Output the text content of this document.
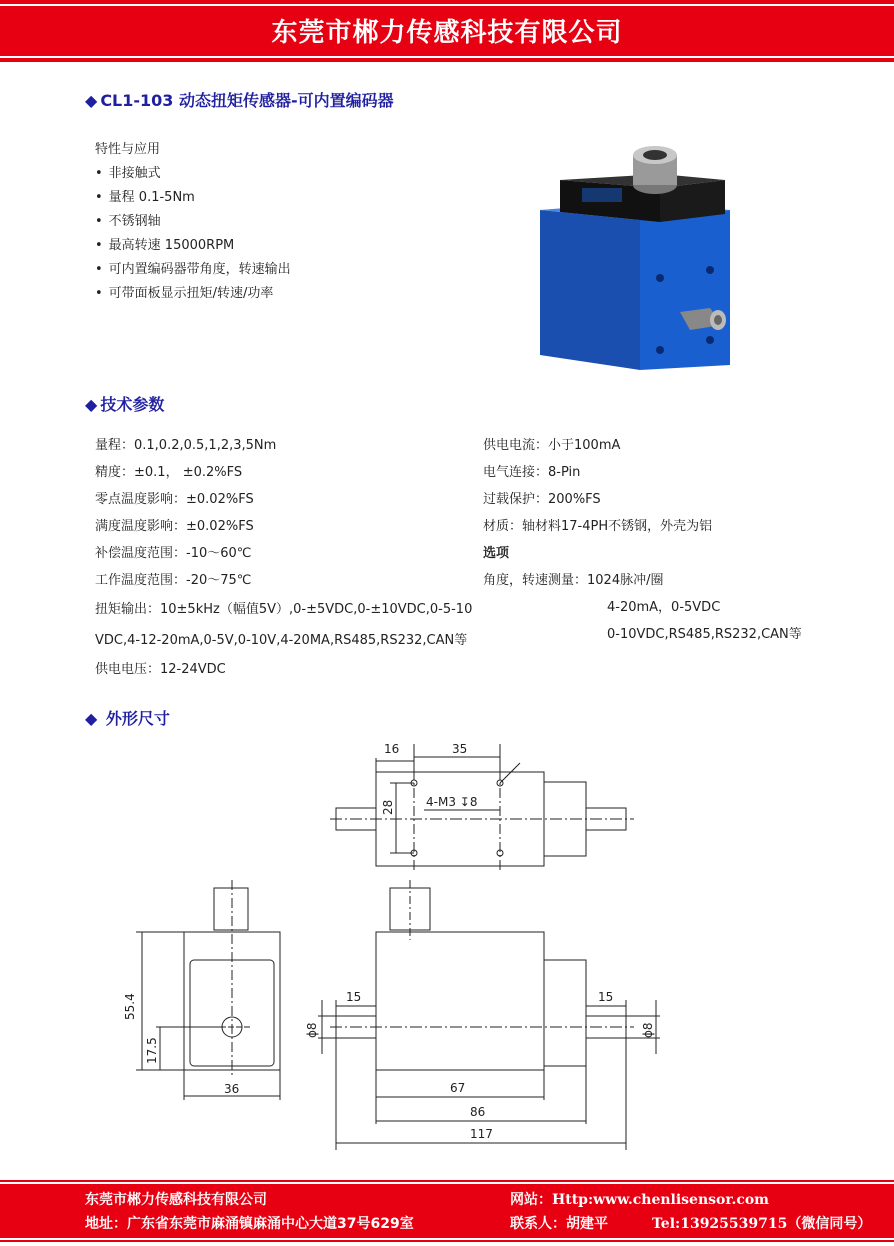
东莞市郴力传感科技有限公司
◆ CL1-103 动态扭矩传感器-可内置编码器
特性与应用
• 非接触式
• 量程 0.1-5Nm
• 不锈钢轴
• 最高转速 15000RPM
• 可内置编码器带角度，转速输出
• 可带面板显示扭矩/转速/功率
◆ 技术参数
量程：0.1,0.2,0.5,1,2,3,5Nm
精度：±0.1， ±0.2%FS
零点温度影响：±0.02%FS
满度温度影响：±0.02%FS
补偿温度范围：-10～60℃
工作温度范围：-20～75℃
扭矩输出：10±5kHz（幅值5V）,0-±5VDC,0-±10VDC,0-5-10VDC,4-12-20mA,0-5V,0-10V,4-20MA,RS485,RS232,CAN等
供电电压：12-24VDC
供电电流：小于100mA
电气连接：8-Pin
过载保护：200%FS
材质：轴材料17-4PH不锈钢，外壳为铝
选项
角度，转速测量：1024脉冲/圈
4-20mA，0-5VDC
0-10VDC,RS485,RS232,CAN等
◆ 外形尺寸
16	35
28	4-M3 ↧8
55.4
17.5
36
15	15
ϕ8	ϕ8
67
86
117
东莞市郴力传感科技有限公司	网站：Http:www.chenlisensor.com
地址：广东省东莞市麻涌镇麻涌中心大道37号629室	联系人：胡建平	Tel:13925539715（微信同号）
